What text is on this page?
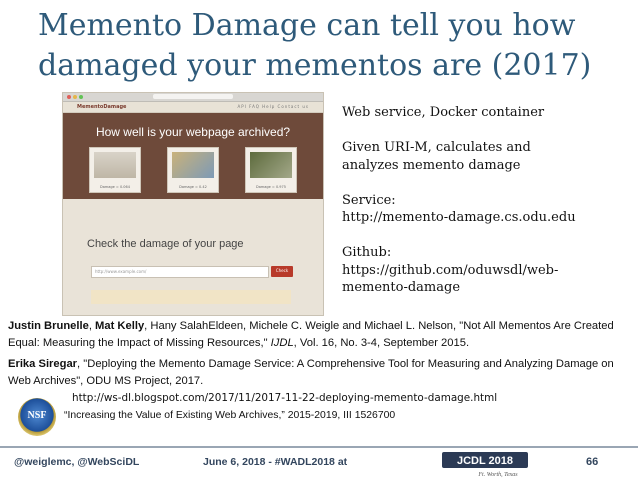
Memento Damage can tell you how
damaged your mementos are (2017)
MementoDamage	API FAQ Help Contact us
How well is your webpage archived?
Damage = 0.064	Damage = 0.42	Damage = 0.975
Check the damage of your page
http://www.example.com/	Check

Web service, Docker container

Given URI-M, calculates and

analyzes memento damage

Service:

http://memento-damage.cs.odu.edu

Github:

https://github.com/oduwsdl/web-

memento-damage

Justin Brunelle, Mat Kelly, Hany SalahEldeen, Michele C. Weigle and Michael L. Nelson, "Not All Mementos Are Created Equal: Measuring the Impact of Missing Resources," IJDL, Vol. 16, No. 3-4, September 2015.
Erika Siregar, "Deploying the Memento Damage Service: A Comprehensive Tool for Measuring and Analyzing Damage on Web Archives", ODU MS Project, 2017.
http://ws-dl.blogspot.com/2017/11/2017-11-22-deploying-memento-damage.html
NSF	“Increasing the Value of Existing Web Archives,” 2015-2019, III 1526700
@weiglemc, @WebSciDL	June 6, 2018 - #WADL2018 at	JCDL 2018
Ft. Worth, Texas
66
